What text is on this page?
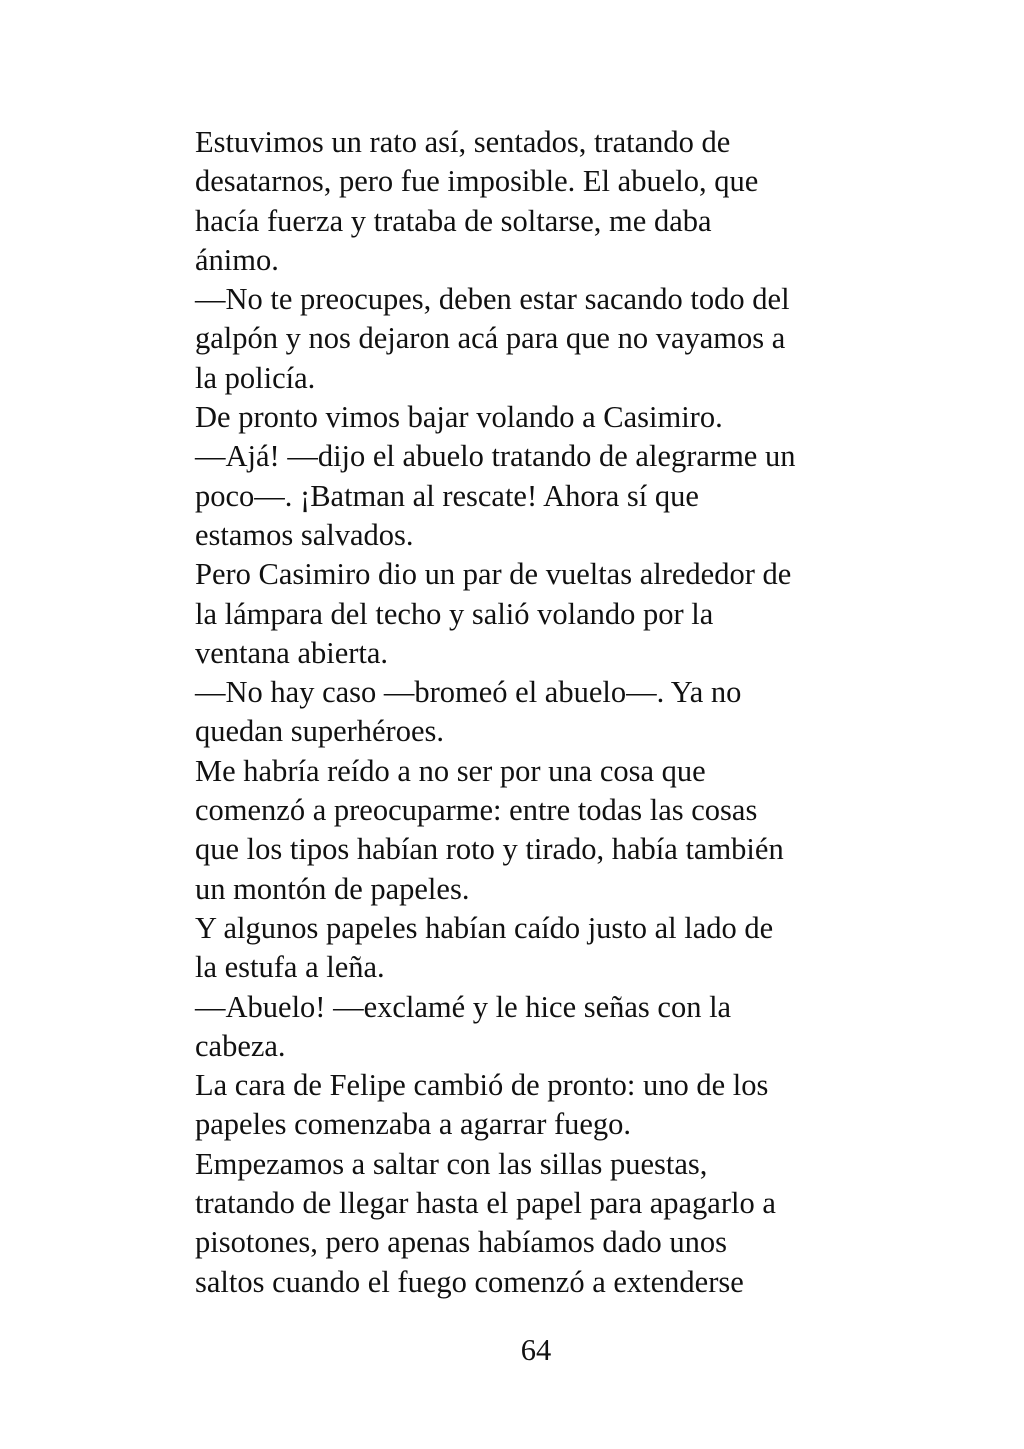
Estuvimos un rato así, sentados, tratando de
desatarnos, pero fue imposible. El abuelo, que
hacía fuerza y trataba de soltarse, me daba
ánimo.
—No te preocupes, deben estar sacando todo del
galpón y nos dejaron acá para que no vayamos a
la policía.
De pronto vimos bajar volando a Casimiro.
—Ajá! —dijo el abuelo tratando de alegrarme un
poco—. ¡Batman al rescate! Ahora sí que
estamos salvados.
Pero Casimiro dio un par de vueltas alrededor de
la lámpara del techo y salió volando por la
ventana abierta.
—No hay caso —bromeó el abuelo—. Ya no
quedan superhéroes.
Me habría reído a no ser por una cosa que
comenzó a preocuparme: entre todas las cosas
que los tipos habían roto y tirado, había también
un montón de papeles.
Y algunos papeles habían caído justo al lado de
la estufa a leña.
—Abuelo! —exclamé y le hice señas con la
cabeza.
La cara de Felipe cambió de pronto: uno de los
papeles comenzaba a agarrar fuego.
Empezamos a saltar con las sillas puestas,
tratando de llegar hasta el papel para apagarlo a
pisotones, pero apenas habíamos dado unos
saltos cuando el fuego comenzó a extenderse
64
